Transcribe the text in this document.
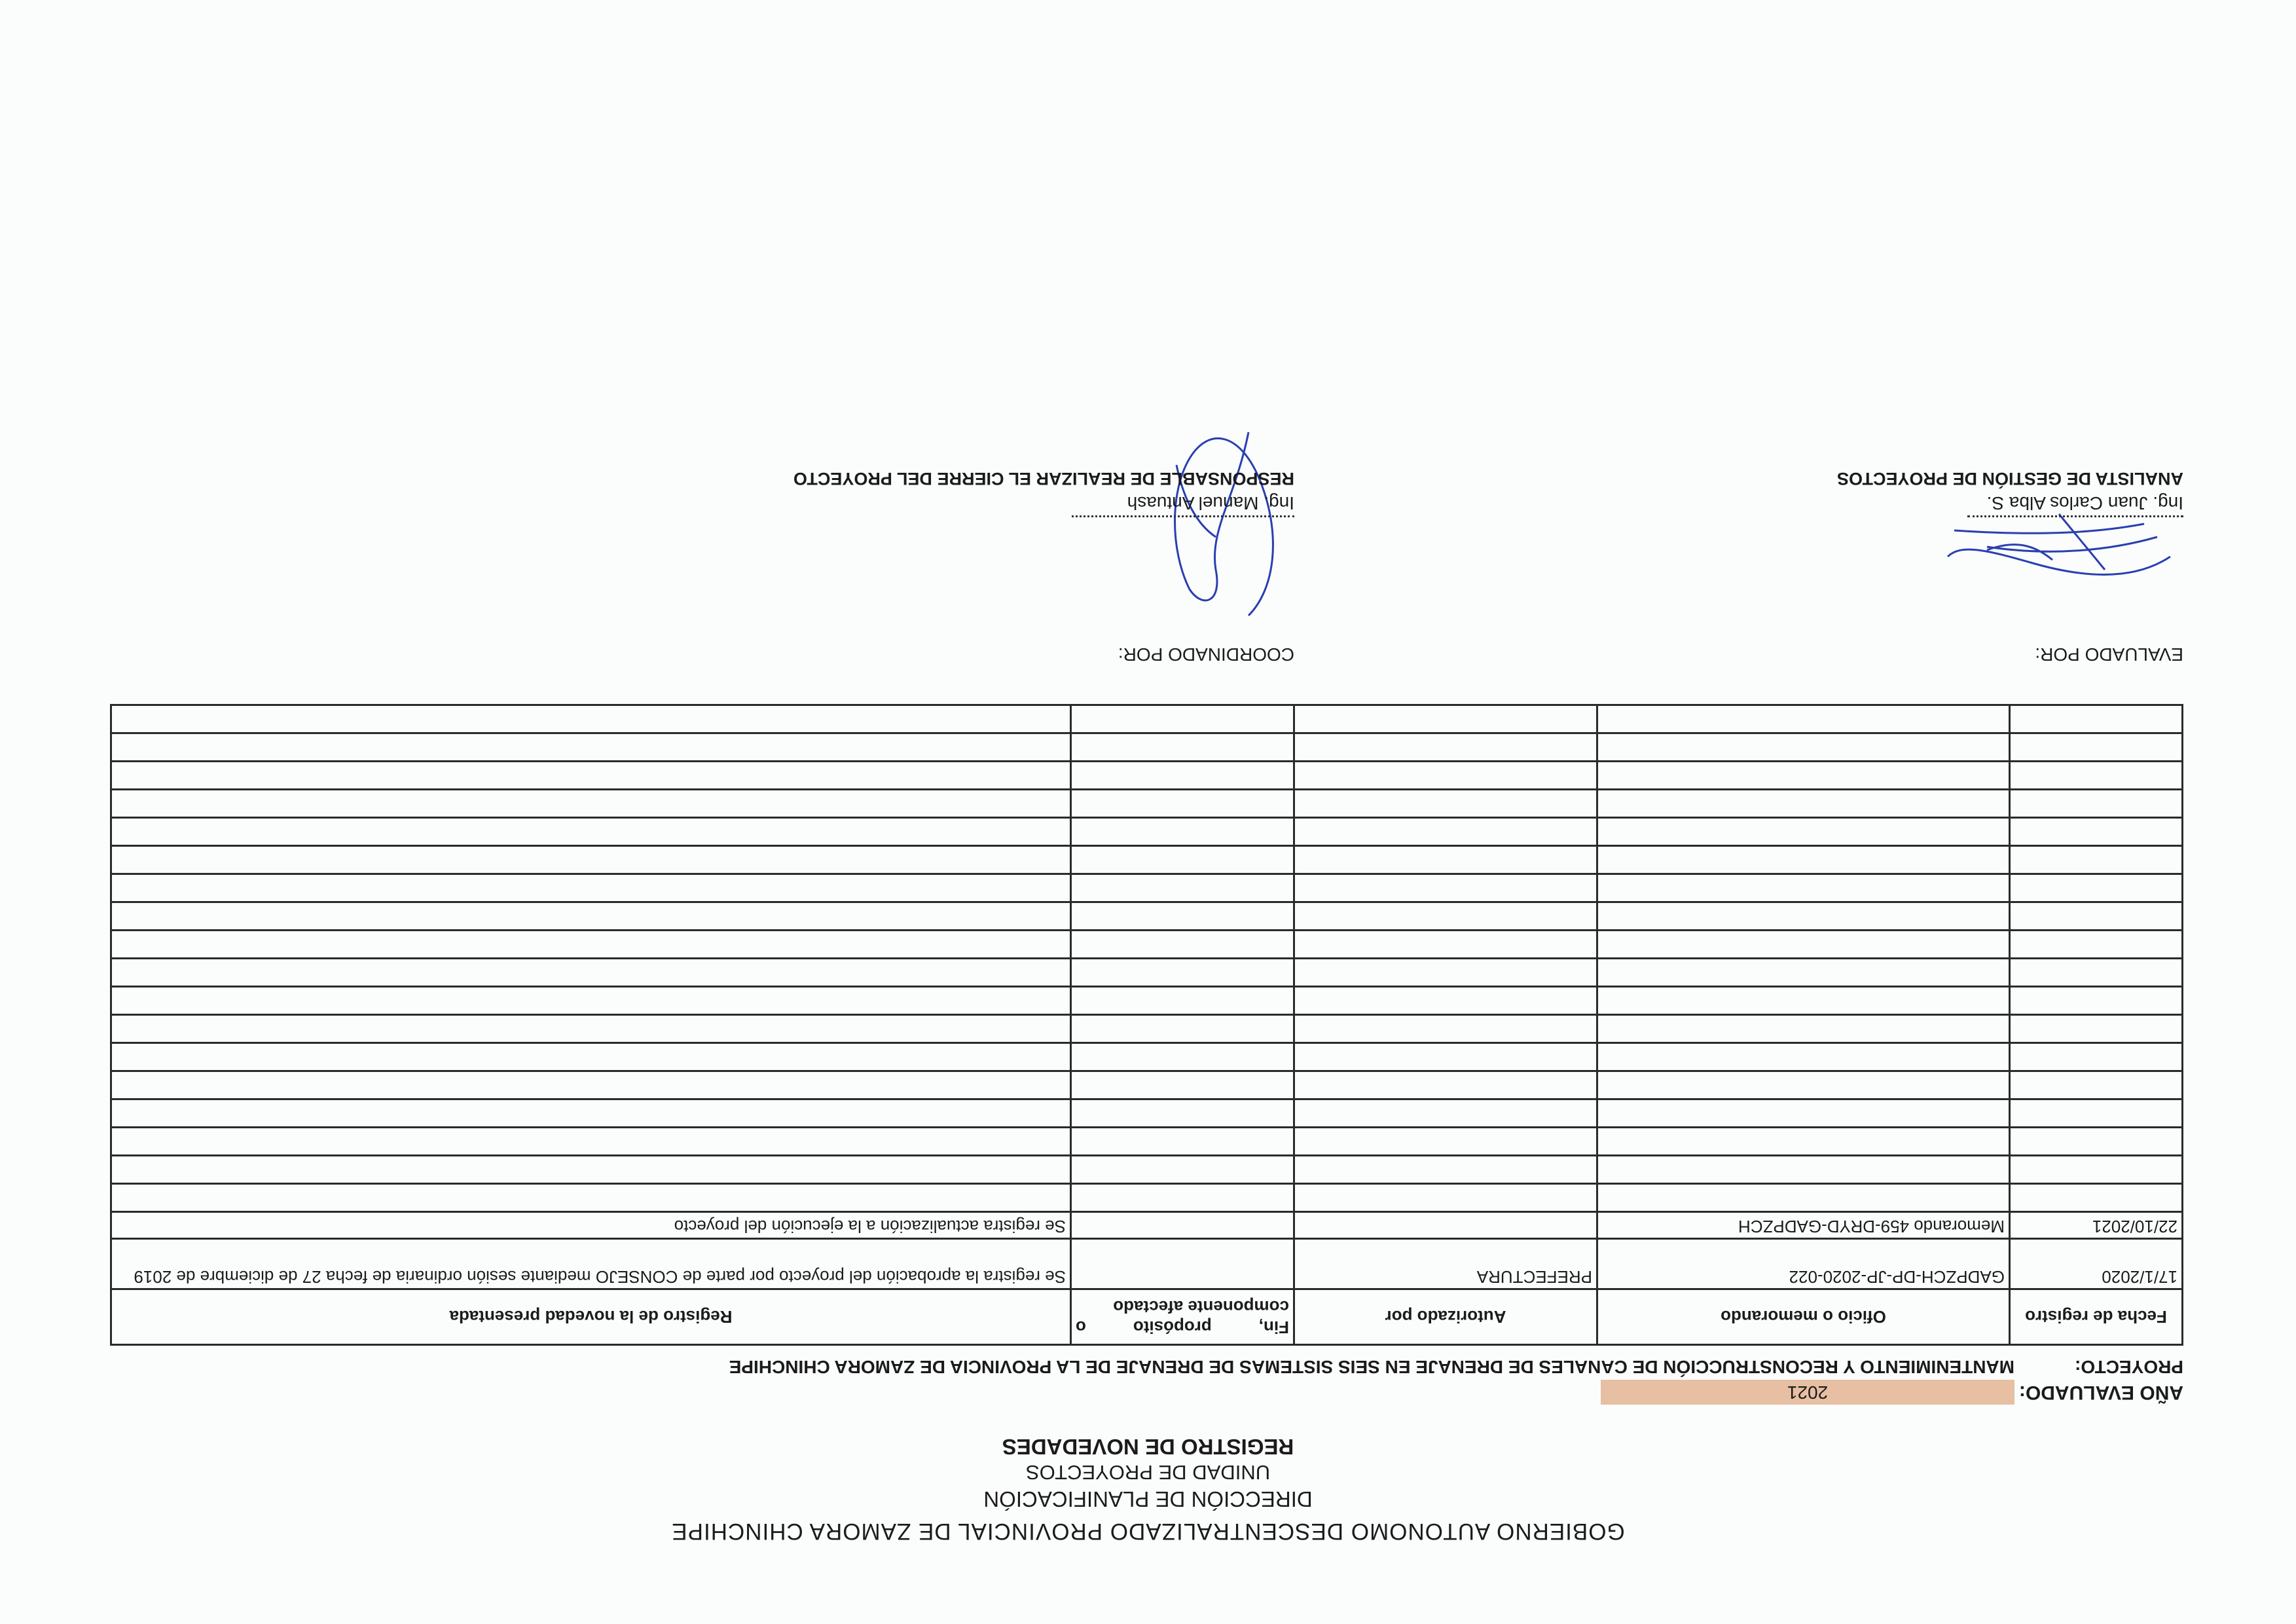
GOBIERNO AUTONOMO DESCENTRALIZADO PROVINCIAL DE ZAMORA CHINCHIPE
DIRECCIÓN DE PLANIFICACIÓN
UNIDAD DE PROYECTOS
REGISTRO DE NOVEDADES
AÑO EVALUADO:
2021
PROYECTO:
MANTENIMIENTO Y RECONSTRUCCIÓN DE CANALES DE DRENAJE EN SEIS SISTEMAS DE DRENAJE DE LA PROVINCIA DE ZAMORA CHINCHIPE
Fecha de registro	Oficio o memorando	Autorizado por	Fin, propósito o componente afectado	Registro de la novedad presentada
17/1/2020	GADPZCH-DP-JP-2020-022	PREFECTURA		Se registra la aprobación del proyecto por parte de CONSEJO mediante sesión ordinaria de fecha 27 de diciembre de 2019
22/10/2021	Memorando 459-DRYD-GADPZCH			Se registra actualización a la ejecución del proyecto

EVALUADO POR:
Ing. Juan Carlos Alba S.
ANALISTA DE GESTIÓN DE PROYECTOS
COORDINADO POR:
Ing. Manuel Antuash
RESPONSABLE DE REALIZAR EL CIERRE DEL PROYECTO
